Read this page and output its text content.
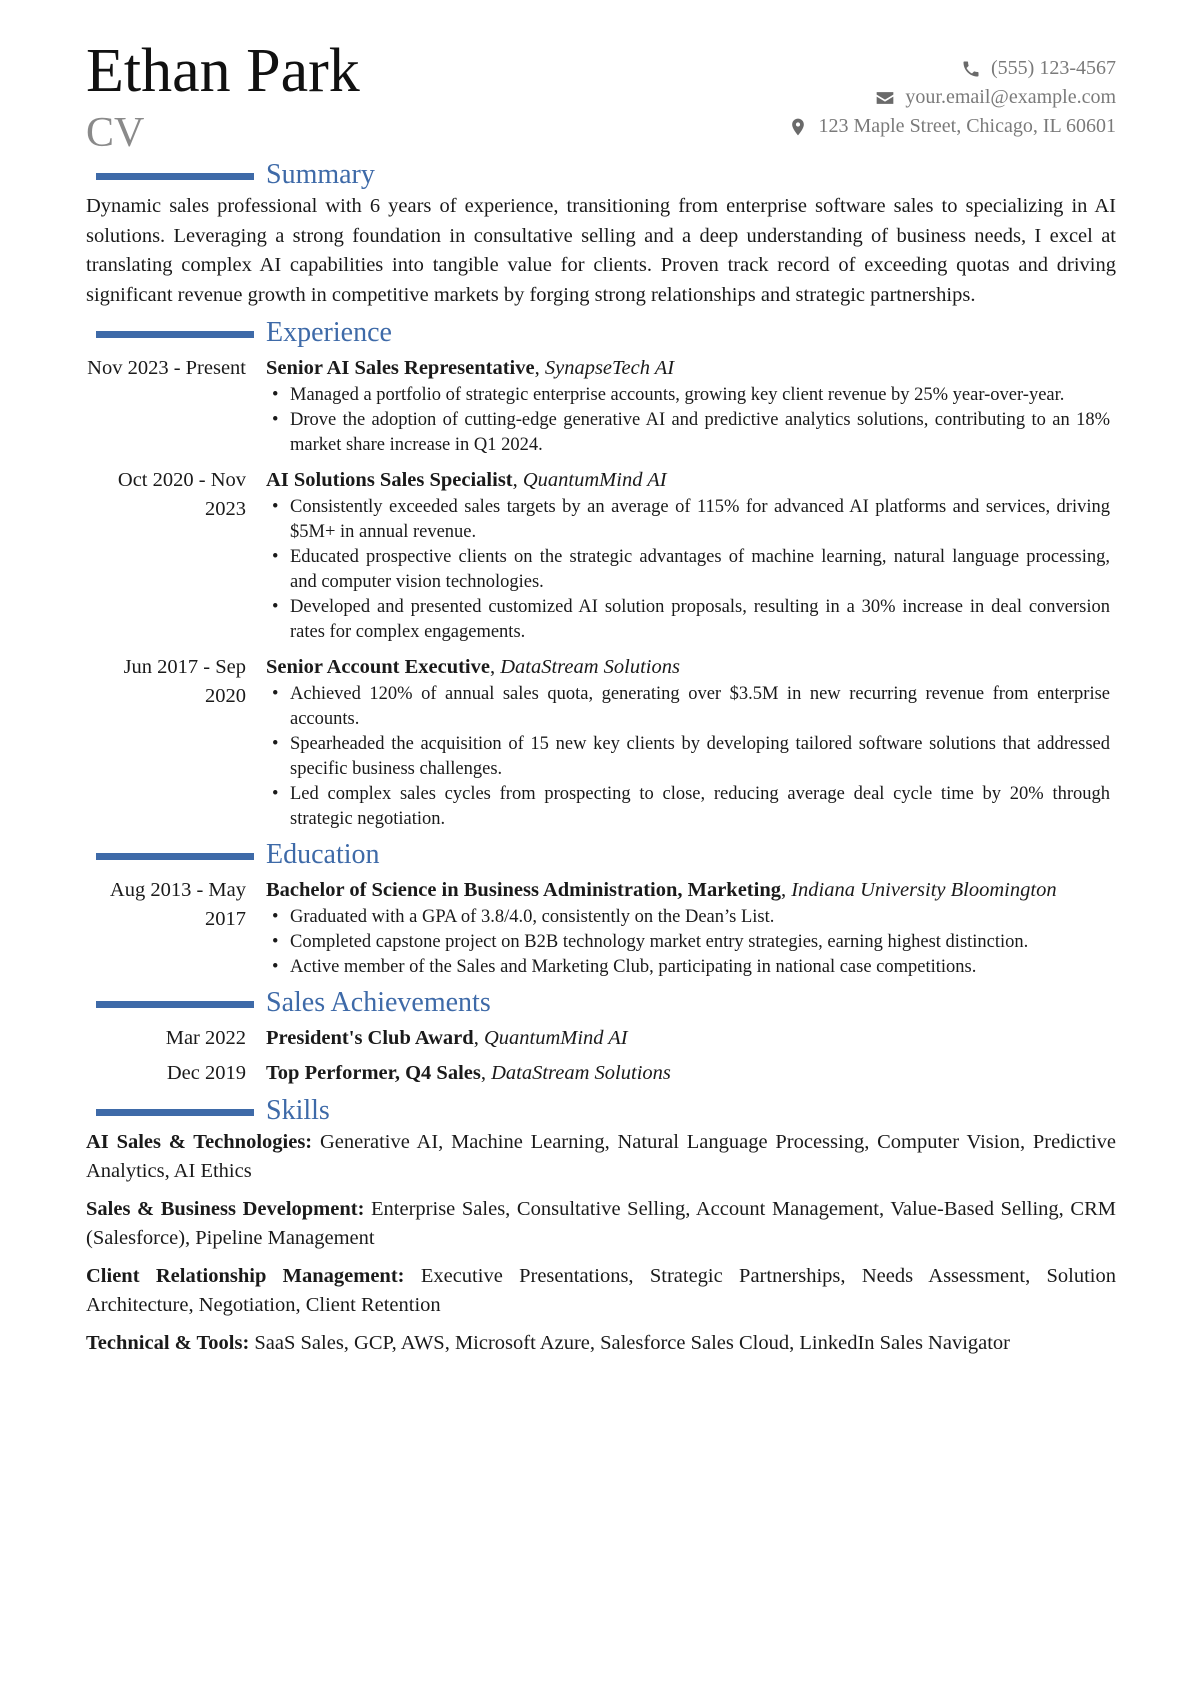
Ethan Park
CV
(555) 123-4567
your.email@example.com
123 Maple Street, Chicago, IL 60601
Summary
Dynamic sales professional with 6 years of experience, transitioning from enterprise software sales to specializing in AI solutions. Leveraging a strong foundation in consultative selling and a deep understanding of business needs, I excel at translating complex AI capabilities into tangible value for clients. Proven track record of exceeding quotas and driving significant revenue growth in competitive markets by forging strong relationships and strategic partnerships.
Experience
Nov 2023 - Present Senior AI Sales Representative, SynapseTech AI
• Managed a portfolio of strategic enterprise accounts, growing key client revenue by 25% year-over-year.
• Drove the adoption of cutting-edge generative AI and predictive analytics solutions, contributing to an 18% market share increase in Q1 2024.
Oct 2020 - Nov 2023
AI Solutions Sales Specialist, QuantumMind AI
• Consistently exceeded sales targets by an average of 115% for advanced AI platforms and services, driving $5M+ in annual revenue.
• Educated prospective clients on the strategic advantages of machine learning, natural language processing, and computer vision technologies.
• Developed and presented customized AI solution proposals, resulting in a 30% increase in deal conversion rates for complex engagements.
Jun 2017 - Sep 2020
Senior Account Executive, DataStream Solutions
• Achieved 120% of annual sales quota, generating over $3.5M in new recurring revenue from enterprise accounts.
• Spearheaded the acquisition of 15 new key clients by developing tailored software solutions that addressed specific business challenges.
• Led complex sales cycles from prospecting to close, reducing average deal cycle time by 20% through strategic negotiation.
Education
Aug 2013 - May 2017
Bachelor of Science in Business Administration, Marketing, Indiana University Bloomington
• Graduated with a GPA of 3.8/4.0, consistently on the Dean’s List.
• Completed capstone project on B2B technology market entry strategies, earning highest distinction.
• Active member of the Sales and Marketing Club, participating in national case competitions.
Sales Achievements
Mar 2022 President's Club Award, QuantumMind AI
Dec 2019 Top Performer, Q4 Sales, DataStream Solutions
Skills
AI Sales & Technologies: Generative AI, Machine Learning, Natural Language Processing, Computer Vision, Predictive Analytics, AI Ethics
Sales & Business Development: Enterprise Sales, Consultative Selling, Account Management, Value-Based Selling, CRM (Salesforce), Pipeline Management
Client Relationship Management: Executive Presentations, Strategic Partnerships, Needs Assessment, Solution Architecture, Negotiation, Client Retention
Technical & Tools: SaaS Sales, GCP, AWS, Microsoft Azure, Salesforce Sales Cloud, LinkedIn Sales Navigator
